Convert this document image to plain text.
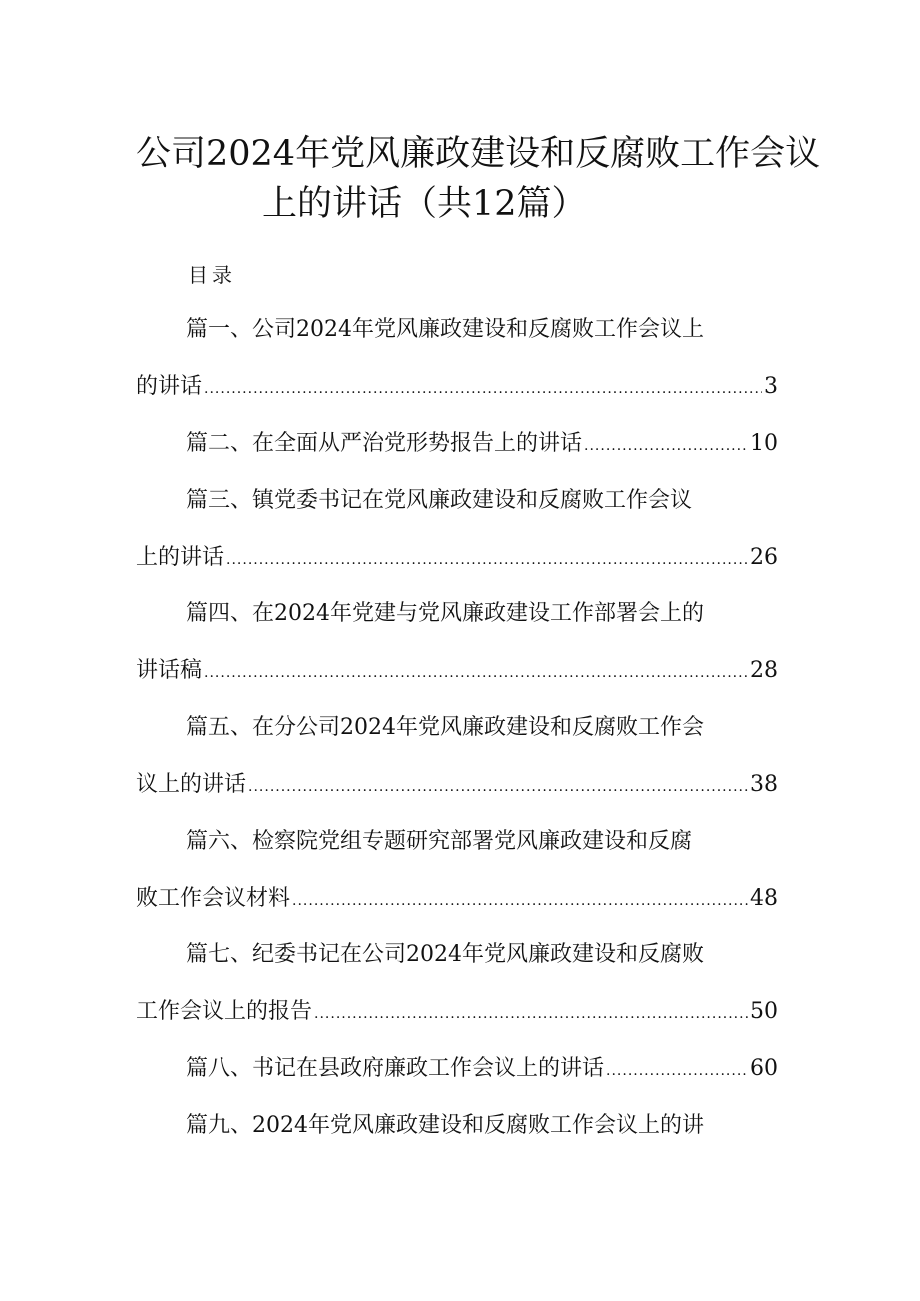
公司2024年党风廉政建设和反腐败工作会议
上的讲话（共12篇）
目录
篇一、公司2024年党风廉政建设和反腐败工作会议上
的讲话 .....	3
篇二、在全面从严治党形势报告上的讲话 .....	10
篇三、镇党委书记在党风廉政建设和反腐败工作会议
上的讲话 .....	26
篇四、在2024年党建与党风廉政建设工作部署会上的
讲话稿 .....	28
篇五、在分公司2024年党风廉政建设和反腐败工作会
议上的讲话 .....	38
篇六、检察院党组专题研究部署党风廉政建设和反腐
败工作会议材料 .....	48
篇七、纪委书记在公司2024年党风廉政建设和反腐败
工作会议上的报告 .....	50
篇八、书记在县政府廉政工作会议上的讲话 .....	60
篇九、2024年党风廉政建设和反腐败工作会议上的讲
